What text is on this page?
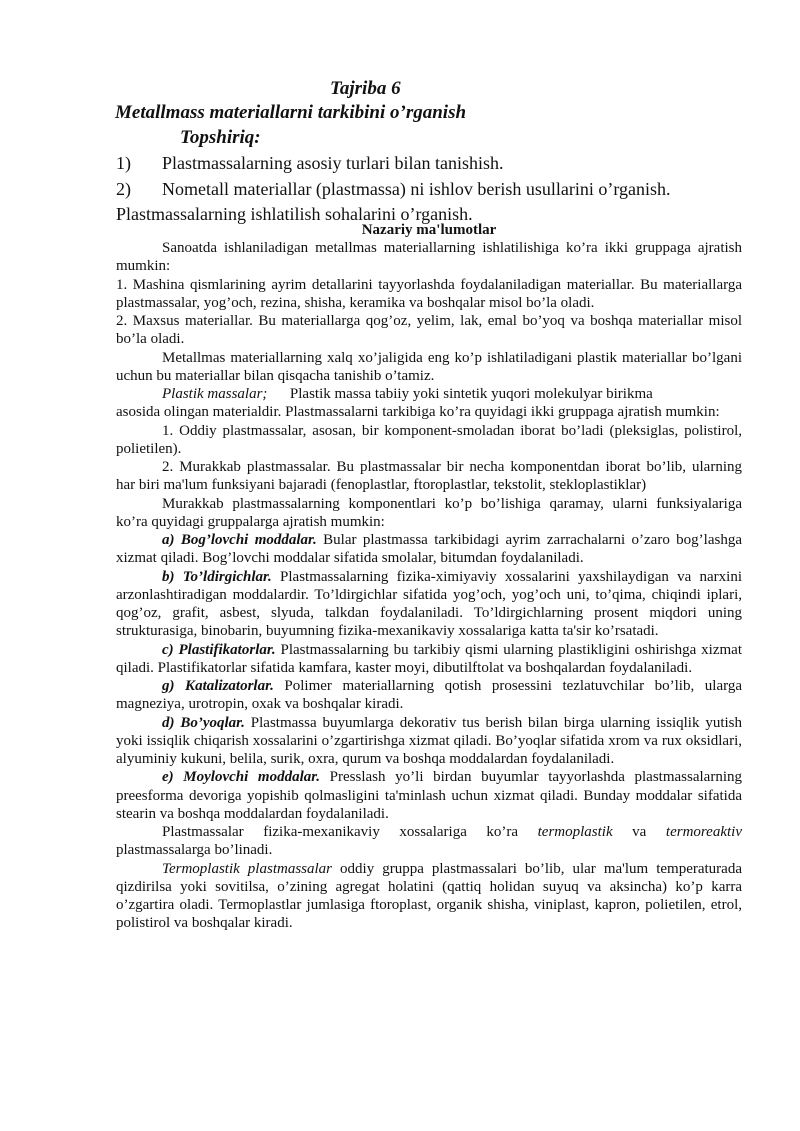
Tajriba 6
Metallmass materiallarni tarkibini o’rganish
Topshiriq:
1) Plastmassalarning asosiy turlari bilan tanishish.
2) Nometall materiallar (plastmassa) ni ishlov berish usullarini o’rganish.
Plastmassalarning ishlatilish sohalarini o’rganish.
Nazariy ma'lumotlar

Sanoatda ishlaniladigan metallmas materiallarning ishlatilishiga ko’ra ikki gruppaga ajratish mumkin:

1. Mashina qismlarining ayrim detallarini tayyorlashda foydalaniladigan materiallar. Bu materiallarga plastmassalar, yog’och, rezina, shisha, keramika va boshqalar misol bo’la oladi.

2. Maxsus materiallar. Bu materiallarga qog’oz, yelim, lak, emal bo’yoq va boshqa materiallar misol bo’la oladi.

Metallmas materiallarning xalq xo’jaligida eng ko’p ishlatiladigani plastik materiallar bo’lgani uchun bu materiallar bilan qisqacha tanishib o’tamiz.

Plastik massalar; Plastik massa tabiiy yoki sintetik yuqori molekulyar birikma

asosida olingan materialdir. Plastmassalarni tarkibiga ko’ra quyidagi ikki gruppaga ajratish mumkin:

1. Oddiy plastmassalar, asosan, bir komponent-smoladan iborat bo’ladi (pleksiglas, polistirol, polietilen).

2. Murakkab plastmassalar. Bu plastmassalar bir necha komponentdan iborat bo’lib, ularning har biri ma'lum funksiyani bajaradi (fenoplastlar, ftoroplastlar, tekstolit, stekloplastiklar)

Murakkab plastmassalarning komponentlari ko’p bo’lishiga qaramay, ularni funksiyalariga ko’ra quyidagi gruppalarga ajratish mumkin:

a) Bog’lovchi moddalar. Bular plastmassa tarkibidagi ayrim zarrachalarni o’zaro bog’lashga xizmat qiladi. Bog’lovchi moddalar sifatida smolalar, bitumdan foydalaniladi.

b) To’ldirgichlar. Plastmassalarning fizika-ximiyaviy xossalarini yaxshilaydigan va narxini arzonlashtiradigan moddalardir. To’ldirgichlar sifatida yog’och, yog’och uni, to’qima, chiqindi iplari, qog’oz, grafit, asbest, slyuda, talkdan foydalaniladi. To’ldirgichlarning prosent miqdori uning strukturasiga, binobarin, buyumning fizika-mexanikaviy xossalariga katta ta'sir ko’rsatadi.

c) Plastifikatorlar. Plastmassalarning bu tarkibiy qismi ularning plastikligini oshirishga xizmat qiladi. Plastifikatorlar sifatida kamfara, kaster moyi, dibutilftolat va boshqalardan foydalaniladi.

g) Katalizatorlar. Polimer materiallarning qotish prosessini tezlatuvchilar bo’lib, ularga magneziya, urotropin, oxak va boshqalar kiradi.

d) Bo’yoqlar. Plastmassa buyumlarga dekorativ tus berish bilan birga ularning issiqlik yutish yoki issiqlik chiqarish xossalarini o’zgartirishga xizmat qiladi. Bo’yoqlar sifatida xrom va rux oksidlari, alyuminiy kukuni, belila, surik, oxra, qurum va boshqa moddalardan foydalaniladi.

e) Moylovchi moddalar. Presslash yo’li birdan buyumlar tayyorlashda plastmassalarning preesforma devoriga yopishib qolmasligini ta'minlash uchun xizmat qiladi. Bunday moddalar sifatida stearin va boshqa moddalardan foydalaniladi.

Plastmassalar fizika-mexanikaviy xossalariga ko’ra termoplastik va termoreaktiv plastmassalarga bo’linadi.

Termoplastik plastmassalar oddiy gruppa plastmassalari bo’lib, ular ma'lum temperaturada qizdirilsa yoki sovitilsa, o’zining agregat holatini (qattiq holidan suyuq va aksincha) ko’p karra o’zgartira oladi. Termoplastlar jumlasiga ftoroplast, organik shisha, viniplast, kapron, polietilen, etrol, polistirol va boshqalar kiradi.
